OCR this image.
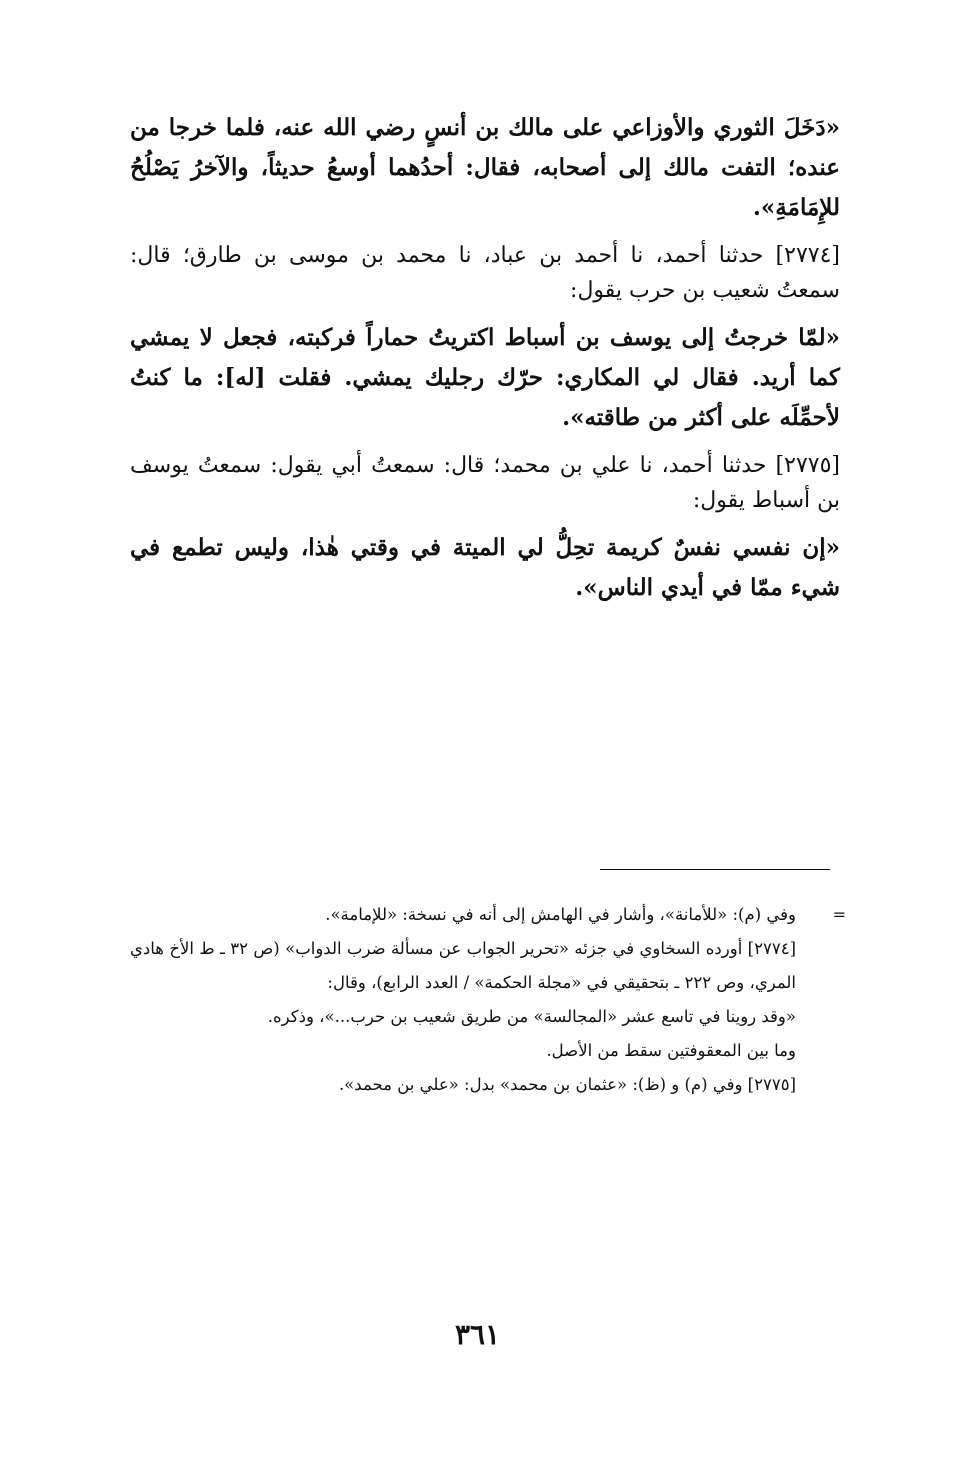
«دَخَلَ الثوري والأوزاعي على مالك بن أنسٍ رضي الله عنه، فلما خرجا من عنده؛ التفت مالك إلى أصحابه، فقال: أحدُهما أوسعُ حديثاً، والآخرُ يَصْلُحُ للإِمَامَةِ».

[٢٧٧٤] حدثنا أحمد، نا أحمد بن عباد، نا محمد بن موسى بن طارق؛ قال: سمعتُ شعيب بن حرب يقول:

«لمّا خرجتُ إلى يوسف بن أسباط اكتريتُ حماراً فركبته، فجعل لا يمشي كما أريد. فقال لي المكاري: حرّك رجليك يمشي. فقلت [له]: ما كنتُ لأحمِّلَه على أكثر من طاقته».

[٢٧٧٥] حدثنا أحمد، نا علي بن محمد؛ قال: سمعتُ أبي يقول: سمعتُ يوسف بن أسباط يقول:

«إن نفسي نفسٌ كريمة تحِلُّ لي الميتة في وقتي هٰذا، وليس تطمع في شيء ممّا في أيدي الناس».

=

وفي (م): «للأمانة»، وأشار في الهامش إلى أنه في نسخة: «للإمامة».

[٢٧٧٤] أورده السخاوي في جزئه «تحرير الجواب عن مسألة ضرب الدواب» (ص ٣٢ ـ ط الأخ هادي المري، وص ٢٢٢ ـ بتحقيقي في «مجلة الحكمة» / العدد الرابع)، وقال:

«وقد روينا في تاسع عشر «المجالسة» من طريق شعيب بن حرب...»، وذكره.

وما بين المعقوفتين سقط من الأصل.

[٢٧٧٥] وفي (م) و (ظ): «عثمان بن محمد» بدل: «علي بن محمد».

٣٦١
